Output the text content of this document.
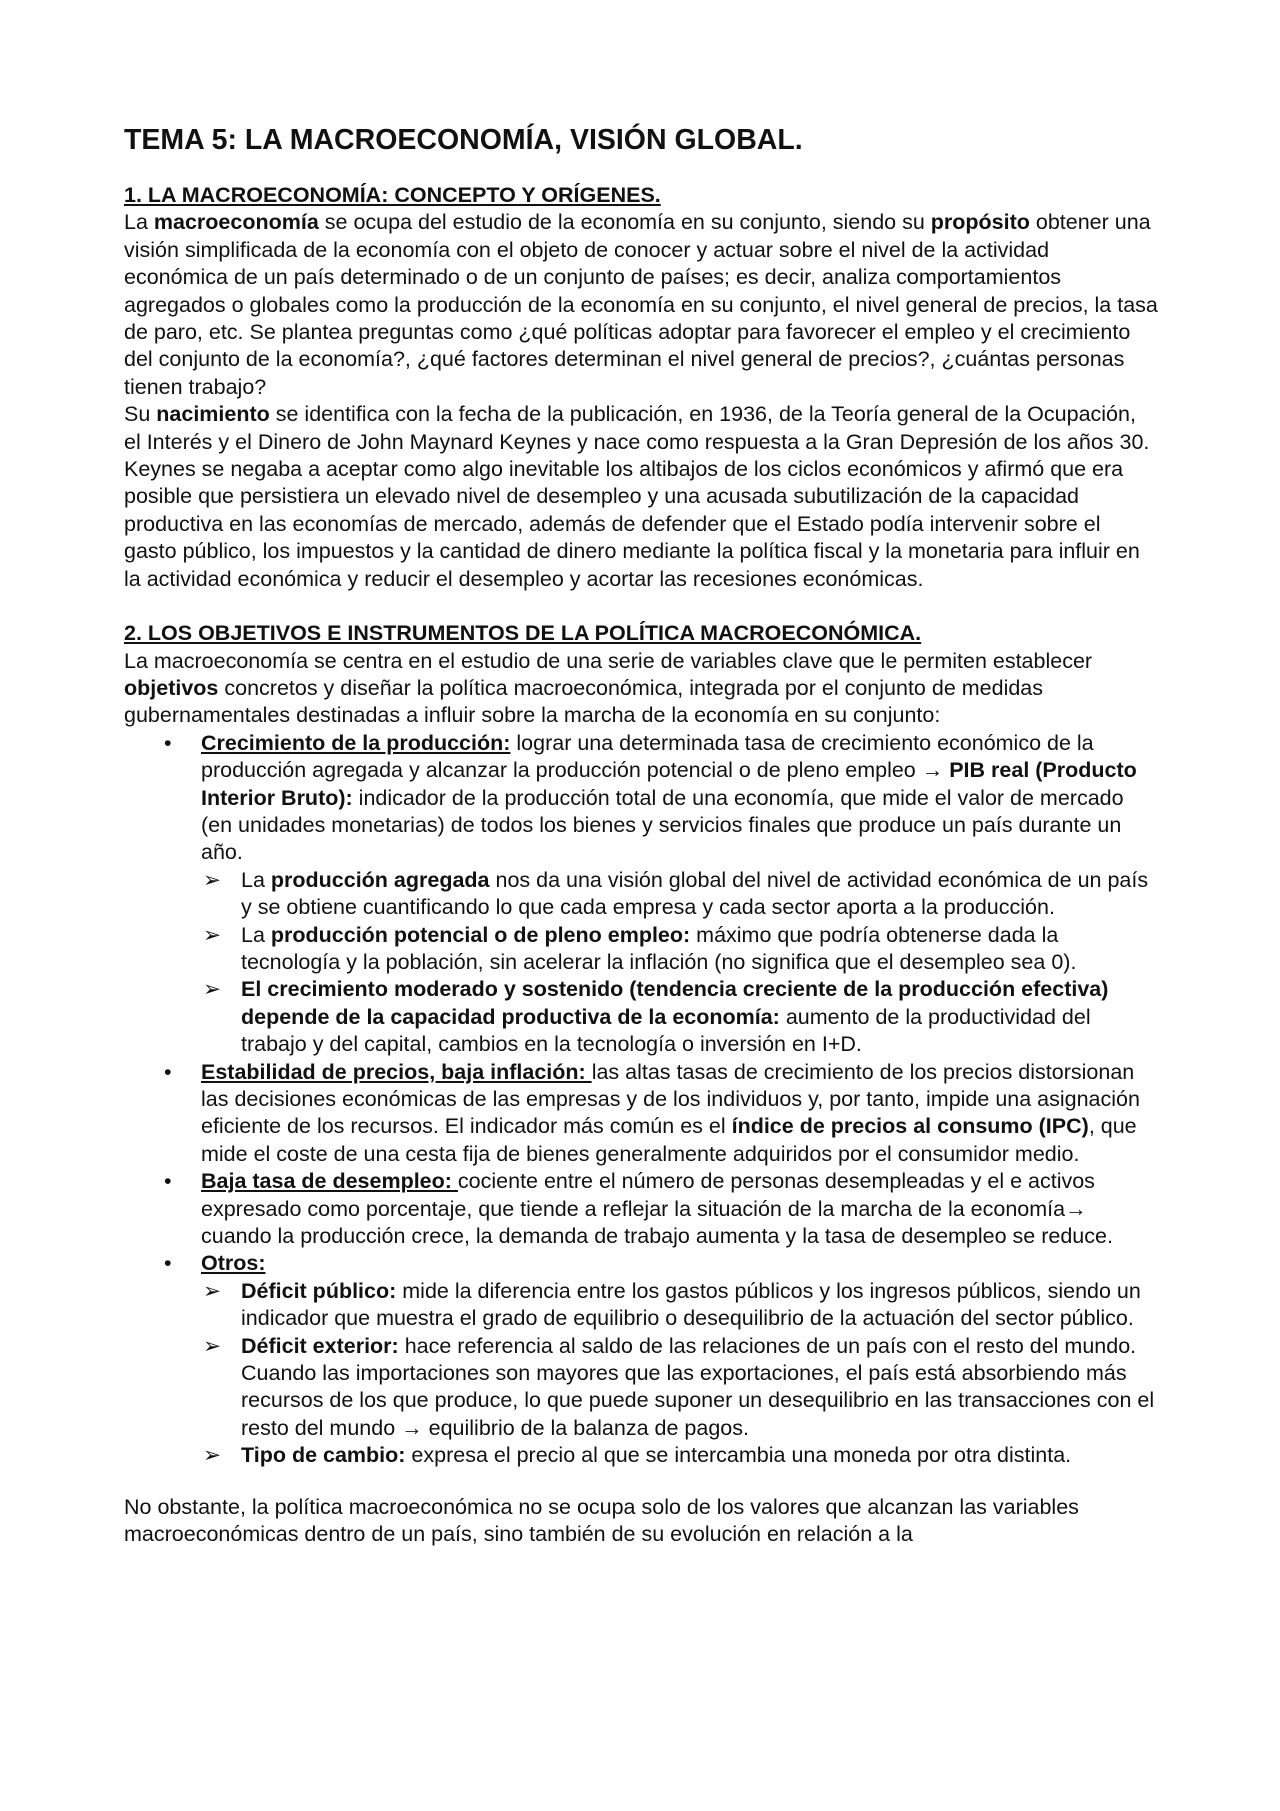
TEMA 5: LA MACROECONOMÍA, VISIÓN GLOBAL.
1. LA MACROECONOMÍA: CONCEPTO Y ORÍGENES.

La macroeconomía se ocupa del estudio de la economía en su conjunto, siendo su propósito obtener una visión simplificada de la economía con el objeto de conocer y actuar sobre el nivel de la actividad económica de un país determinado o de un conjunto de países; es decir, analiza comportamientos agregados o globales como la producción de la economía en su conjunto, el nivel general de precios, la tasa de paro, etc. Se plantea preguntas como ¿qué políticas adoptar para favorecer el empleo y el crecimiento del conjunto de la economía?, ¿qué factores determinan el nivel general de precios?, ¿cuántas personas tienen trabajo?

Su nacimiento se identifica con la fecha de la publicación, en 1936, de la Teoría general de la Ocupación, el Interés y el Dinero de John Maynard Keynes y nace como respuesta a la Gran Depresión de los años 30. Keynes se negaba a aceptar como algo inevitable los altibajos de los ciclos económicos y afirmó que era posible que persistiera un elevado nivel de desempleo y una acusada subutilización de la capacidad productiva en las economías de mercado, además de defender que el Estado podía intervenir sobre el gasto público, los impuestos y la cantidad de dinero mediante la política fiscal y la monetaria para influir en la actividad económica y reducir el desempleo y acortar las recesiones económicas.

2. LOS OBJETIVOS E INSTRUMENTOS DE LA POLÍTICA MACROECONÓMICA.

La macroeconomía se centra en el estudio de una serie de variables clave que le permiten establecer objetivos concretos y diseñar la política macroeconómica, integrada por el conjunto de medidas gubernamentales destinadas a influir sobre la marcha de la economía en su conjunto:

•	Crecimiento de la producción: lograr una determinada tasa de crecimiento económico de la producción agregada y alcanzar la producción potencial o de pleno empleo → PIB real (Producto Interior Bruto): indicador de la producción total de una economía, que mide el valor de mercado (en unidades monetarias) de todos los bienes y servicios finales que produce un país durante un año.
➢ La producción agregada nos da una visión global del nivel de actividad económica de un país y se obtiene cuantificando lo que cada empresa y cada sector aporta a la producción.
➢ La producción potencial o de pleno empleo: máximo que podría obtenerse dada la tecnología y la población, sin acelerar la inflación (no significa que el desempleo sea 0).
➢ El crecimiento moderado y sostenido (tendencia creciente de la producción efectiva) depende de la capacidad productiva de la economía: aumento de la productividad del trabajo y del capital, cambios en la tecnología o inversión en I+D.
•	Estabilidad de precios, baja inflación: las altas tasas de crecimiento de los precios distorsionan las decisiones económicas de las empresas y de los individuos y, por tanto, impide una asignación eficiente de los recursos. El indicador más común es el índice de precios al consumo (IPC), que mide el coste de una cesta fija de bienes generalmente adquiridos por el consumidor medio.
•	Baja tasa de desempleo: cociente entre el número de personas desempleadas y el e activos expresado como porcentaje, que tiende a reflejar la situación de la marcha de la economía→ cuando la producción crece, la demanda de trabajo aumenta y la tasa de desempleo se reduce.
•	Otros:
➢ Déficit público: mide la diferencia entre los gastos públicos y los ingresos públicos, siendo un indicador que muestra el grado de equilibrio o desequilibrio de la actuación del sector público.
➢ Déficit exterior: hace referencia al saldo de las relaciones de un país con el resto del mundo. Cuando las importaciones son mayores que las exportaciones, el país está absorbiendo más recursos de los que produce, lo que puede suponer un desequilibrio en las transacciones con el resto del mundo → equilibrio de la balanza de pagos.
➢ Tipo de cambio: expresa el precio al que se intercambia una moneda por otra distinta.

No obstante, la política macroeconómica no se ocupa solo de los valores que alcanzan las variables macroeconómicas dentro de un país, sino también de su evolución en relación a la
